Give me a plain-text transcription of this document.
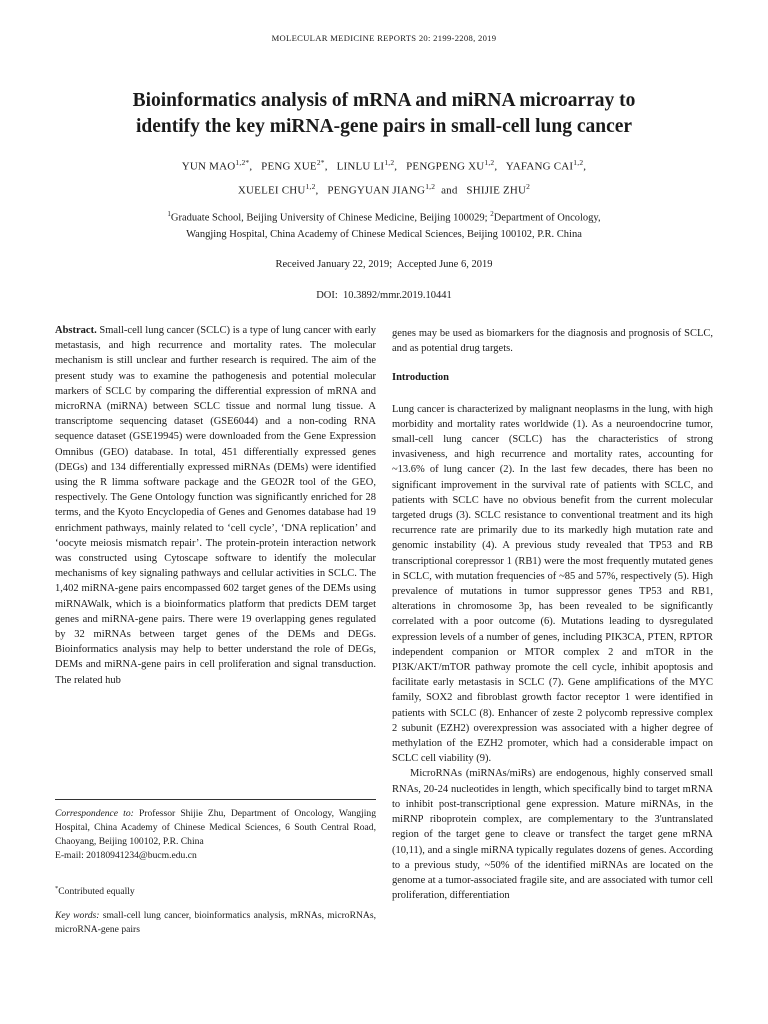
MOLECULAR MEDICINE REPORTS 20: 2199-2208, 2019
Bioinformatics analysis of mRNA and miRNA microarray to
identify the key miRNA-gene pairs in small-cell lung cancer
YUN $MAO^{1,2*}$,   PENG $XUE^{2*}$,   LINLU LI$^{1,2}$,   PENGPENG XU$^{1,2}$,   YAFANG CAI$^{1,2}$,
XUELEI CHU$^{1,2}$,   PENGYUAN JIANG$^{1,2}$  and   SHIJIE ZHU$^2$
$^1$Graduate School, Beijing University of Chinese Medicine, Beijing 100029; $^2$Department of Oncology,
Wangjing Hospital, China Academy of Chinese Medical Sciences, Beijing 100102, P.R. China
Received January 22, 2019;  Accepted June 6, 2019
DOI:  10.3892/mmr.2019.10441

Abstract. Small-cell lung cancer (SCLC) is a type of lung cancer with early metastasis, and high recurrence and mortality rates. The molecular mechanism is still unclear and further research is required. The aim of the present study was to examine the pathogenesis and potential molecular markers of SCLC by comparing the differential expression of mRNA and microRNA (miRNA) between SCLC tissue and normal lung tissue. A transcriptome sequencing dataset (GSE6044) and a non-coding RNA sequence dataset (GSE19945) were downloaded from the Gene Expression Omnibus (GEO) database. In total, 451 differentially expressed genes (DEGs) and 134 differentially expressed miRNAs (DEMs) were identified using the R limma software package and the GEO2R tool of the GEO, respectively. The Gene Ontology function was significantly enriched for 28 terms, and the Kyoto Encyclopedia of Genes and Genomes database had 19 enrichment pathways, mainly related to ‘cell cycle’, ‘DNA replication’ and ‘oocyte meiosis mismatch repair’. The protein-protein interaction network was constructed using Cytoscape software to identify the molecular mechanisms of key signaling pathways and cellular activities in SCLC. The 1,402 miRNA-gene pairs encompassed 602 target genes of the DEMs using miRNAWalk, which is a bioinformatics platform that predicts DEM target genes and miRNA-gene pairs. There were 19 overlapping genes regulated by 32 miRNAs between target genes of the DEMs and DEGs. Bioinformatics analysis may help to better understand the role of DEGs, DEMs and miRNA-gene pairs in cell proliferation and signal transduction. The related hub

genes may be used as biomarkers for the diagnosis and prognosis of SCLC, and as potential drug targets.

Introduction

Lung cancer is characterized by malignant neoplasms in the lung, with high morbidity and mortality rates worldwide (1). As a neuroendocrine tumor, small-cell lung cancer (SCLC) has the characteristics of strong invasiveness, and high recurrence and mortality rates, accounting for ~13.6% of lung cancer (2). In the last few decades, there has been no significant improvement in the survival rate of patients with SCLC, and patients with SCLC have no obvious benefit from the current molecular targeted drugs (3). SCLC resistance to conventional treatment and its high recurrence rate are primarily due to its markedly high mutation rate and genomic instability (4). A previous study revealed that TP53 and RB transcriptional corepressor 1 (RB1) were the most frequently mutated genes in SCLC, with mutation frequencies of ~85 and 57%, respectively (5). High prevalence of mutations in tumor suppressor genes TP53 and RB1, alterations in chromosome 3p, has been revealed to be significantly correlated with a poor outcome (6). Mutations leading to dysregulated expression levels of a number of genes, including PIK3CA, PTEN, RPTOR independent companion or MTOR complex 2 and mTOR in the PI3K/AKT/mTOR pathway promote the cell cycle, inhibit apoptosis and facilitate early metastasis in SCLC (7). Gene amplifications of the MYC family, SOX2 and fibroblast growth factor receptor 1 were identified in patients with SCLC (8). Enhancer of zeste 2 polycomb repressive complex 2 subunit (EZH2) overexpression was associated with a higher degree of methylation of the EZH2 promoter, which had a considerable impact on SCLC cell viability (9).

MicroRNAs (miRNAs/miRs) are endogenous, highly conserved small RNAs, 20-24 nucleotides in length, which specifically bind to target mRNA to inhibit post-transcriptional gene expression. Mature miRNAs, in the miRNP riboprotein complex, are complementary to the 3'untranslated region of the target gene to cleave or transfect the target gene mRNA (10,11), and a single miRNA typically regulates dozens of genes. According to a previous study, ~50% of the identified miRNAs are located on the genome at a tumor-associated fragile site, and are associated with tumor cell proliferation, differentiation

Correspondence to: Professor Shijie Zhu, Department of Oncology, Wangjing Hospital, China Academy of Chinese Medical Sciences, 6 South Central Road, Chaoyang, Beijing 100102, P.R. China
E-mail: 20180941234@bucm.edu.cn
*Contributed equally
Key words: small-cell lung cancer, bioinformatics analysis, mRNAs, microRNAs, microRNA-gene pairs
